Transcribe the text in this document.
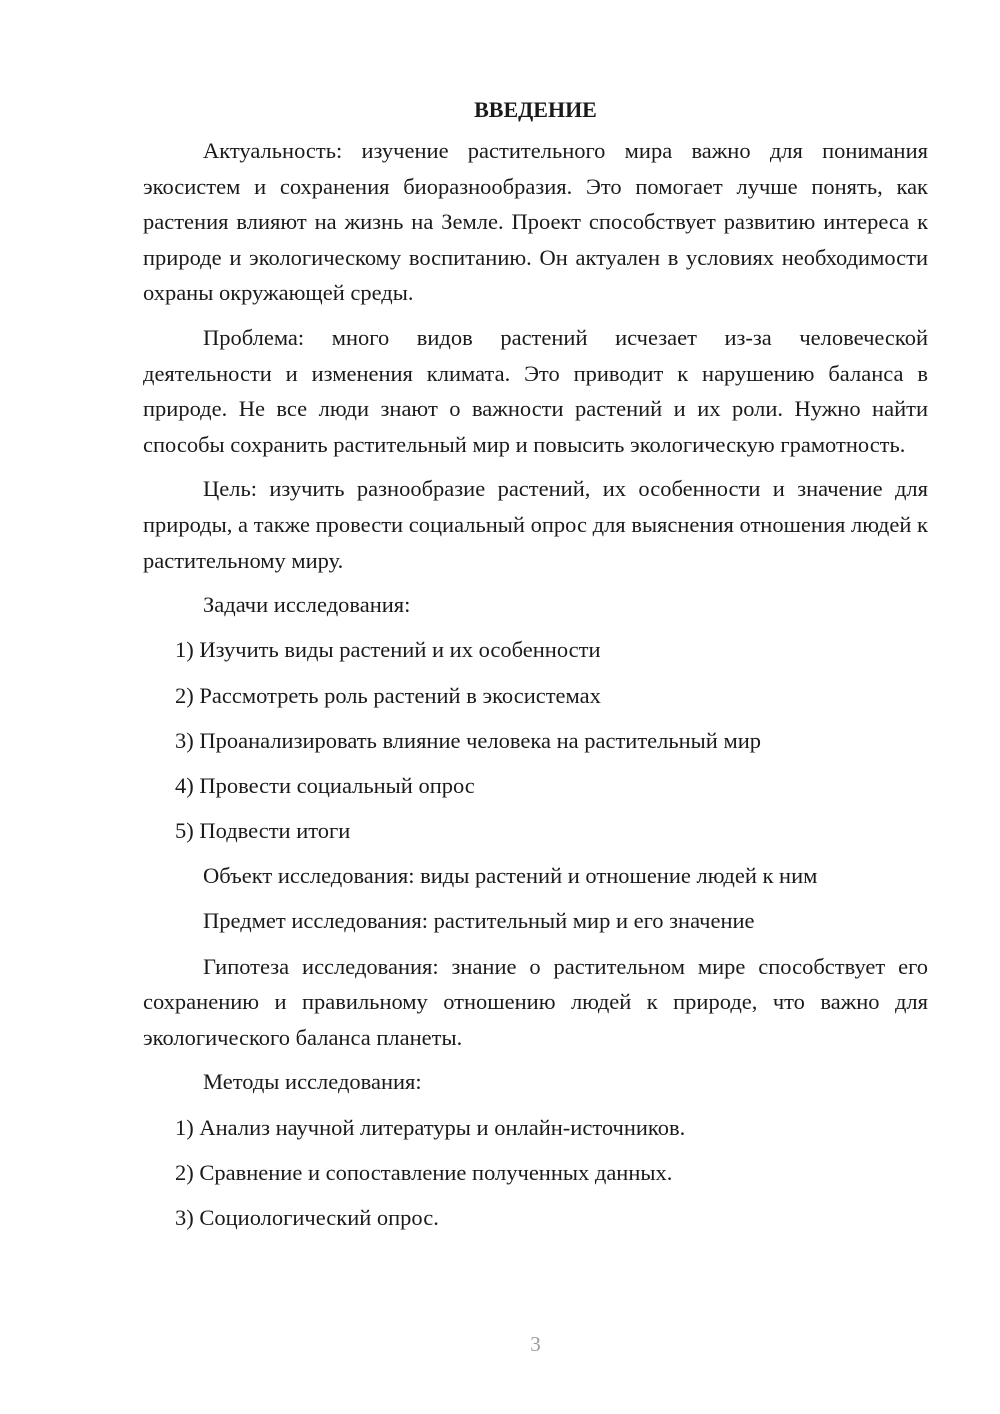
ВВЕДЕНИЕ

Актуальность: изучение растительного мира важно для понимания экосистем и сохранения биоразнообразия. Это помогает лучше понять, как растения влияют на жизнь на Земле. Проект способствует развитию интереса к природе и экологическому воспитанию. Он актуален в условиях необходимости охраны окружающей среды.

Проблема: много видов растений исчезает из-за человеческой деятельности и изменения климата. Это приводит к нарушению баланса в природе. Не все люди знают о важности растений и их роли. Нужно найти способы сохранить растительный мир и повысить экологическую грамотность.

Цель: изучить разнообразие растений, их особенности и значение для природы, а также провести социальный опрос для выяснения отношения людей к растительному миру.

Задачи исследования:

1) Изучить виды растений и их особенности

2) Рассмотреть роль растений в экосистемах

3) Проанализировать влияние человека на растительный мир

4) Провести социальный опрос

5) Подвести итоги

Объект исследования: виды растений и отношение людей к ним

Предмет исследования: растительный мир и его значение

Гипотеза исследования: знание о растительном мире способствует его сохранению и правильному отношению людей к природе, что важно для экологического баланса планеты.

Методы исследования:

1) Анализ научной литературы и онлайн-источников.

2) Сравнение и сопоставление полученных данных.

3) Социологический опрос.

3
